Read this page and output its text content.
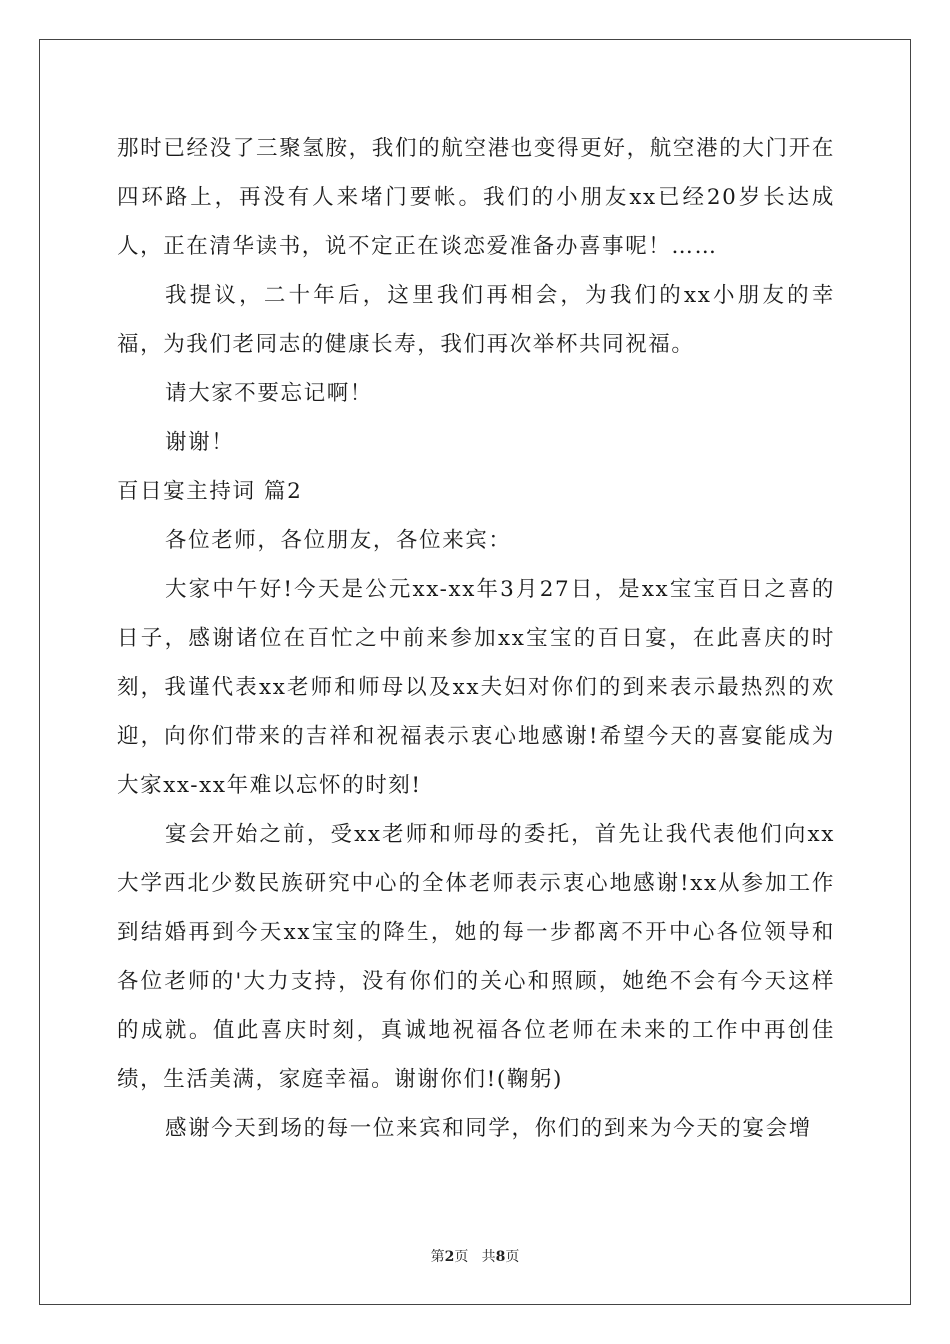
那时已经没了三聚氢胺，我们的航空港也变得更好，航空港的大门开在四环路上，再没有人来堵门要帐。我们的小朋友xx已经20岁长达成人，正在清华读书，说不定正在谈恋爱准备办喜事呢！……

我提议，二十年后，这里我们再相会，为我们的xx小朋友的幸福，为我们老同志的健康长寿，我们再次举杯共同祝福。

请大家不要忘记啊！

谢谢！

百日宴主持词 篇2

各位老师，各位朋友，各位来宾：

大家中午好!今天是公元xx-xx年3月27日，是xx宝宝百日之喜的日子，感谢诸位在百忙之中前来参加xx宝宝的百日宴，在此喜庆的时刻，我谨代表xx老师和师母以及xx夫妇对你们的到来表示最热烈的欢迎，向你们带来的吉祥和祝福表示衷心地感谢!希望今天的喜宴能成为大家xx-xx年难以忘怀的时刻!

宴会开始之前，受xx老师和师母的委托，首先让我代表他们向xx大学西北少数民族研究中心的全体老师表示衷心地感谢!xx从参加工作到结婚再到今天xx宝宝的降生，她的每一步都离不开中心各位领导和各位老师的'大力支持，没有你们的关心和照顾，她绝不会有今天这样的成就。值此喜庆时刻，真诚地祝福各位老师在未来的工作中再创佳绩，生活美满，家庭幸福。谢谢你们!(鞠躬)

感谢今天到场的每一位来宾和同学，你们的到来为今天的宴会增

第2页 共8页
